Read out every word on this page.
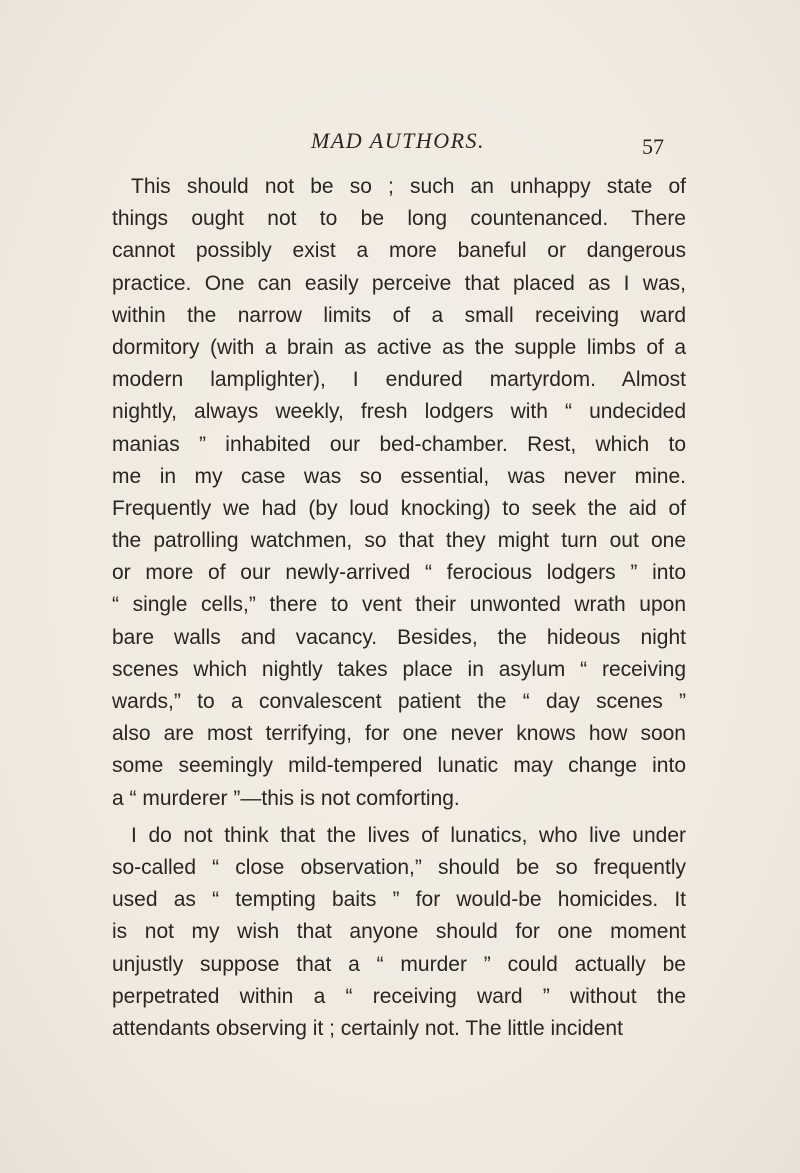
MAD AUTHORS.	57

This should not be so ; such an unhappy state of
things ought not to be long countenanced. There
cannot possibly exist a more baneful or dangerous
practice. One can easily perceive that placed as I was,
within the narrow limits of a small receiving ward
dormitory (with a brain as active as the supple limbs of a
modern lamplighter), I endured martyrdom. Almost
nightly, always weekly, fresh lodgers with “ undecided
manias ” inhabited our bed-chamber. Rest, which to
me in my case was so essential, was never mine.
Frequently we had (by loud knocking) to seek the aid of
the patrolling watchmen, so that they might turn out one
or more of our newly-arrived “ ferocious lodgers ” into
“ single cells,” there to vent their unwonted wrath upon
bare walls and vacancy. Besides, the hideous night
scenes which nightly takes place in asylum “ receiving
wards,” to a convalescent patient the “ day scenes ”
also are most terrifying, for one never knows how soon
some seemingly mild-tempered lunatic may change into
a “ murderer ”—this is not comforting.

I do not think that the lives of lunatics, who live under
so-called “ close observation,” should be so frequently
used as “ tempting baits ” for would-be homicides. It
is not my wish that anyone should for one moment
unjustly suppose that a “ murder ” could actually be
perpetrated within a “ receiving ward ” without the
attendants observing it ; certainly not. The little incident
